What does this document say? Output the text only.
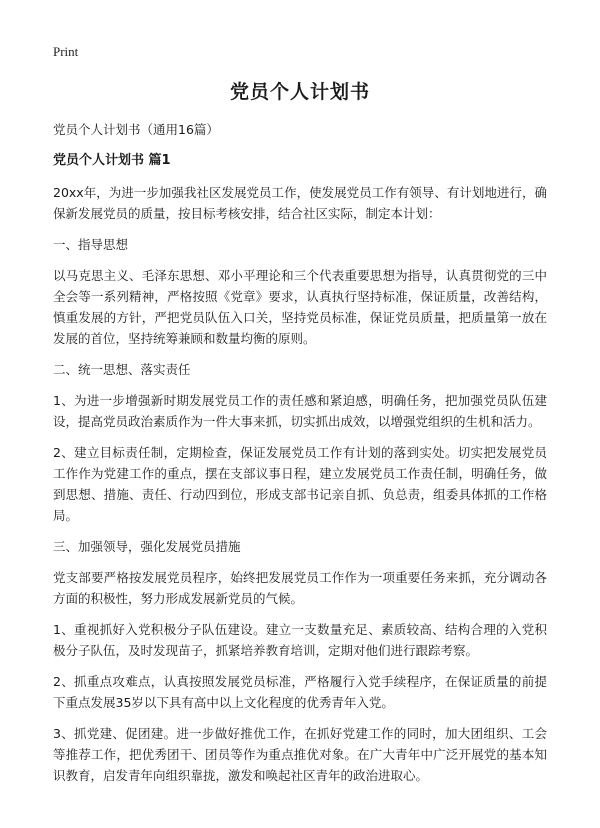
Print
党员个人计划书

党员个人计划书（通用16篇）

党员个人计划书 篇1

20xx年，为进一步加强我社区发展党员工作，使发展党员工作有领导、有计划地进行，确保新发展党员的质量，按目标考核安排，结合社区实际，制定本计划：

一、指导思想

以马克思主义、毛泽东思想、邓小平理论和三个代表重要思想为指导，认真贯彻党的三中全会等一系列精神，严格按照《党章》要求，认真执行坚持标准，保证质量，改善结构，慎重发展的方针，严把党员队伍入口关，坚持党员标准，保证党员质量，把质量第一放在发展的首位，坚持统筹兼顾和数量均衡的原则。

二、统一思想、落实责任

1、为进一步增强新时期发展党员工作的责任感和紧迫感，明确任务，把加强党员队伍建设，提高党员政治素质作为一件大事来抓，切实抓出成效，以增强党组织的生机和活力。

2、建立目标责任制，定期检查，保证发展党员工作有计划的落到实处。切实把发展党员工作作为党建工作的重点，摆在支部议事日程，建立发展党员工作责任制，明确任务，做到思想、措施、责任、行动四到位，形成支部书记亲自抓、负总责，组委具体抓的工作格局。

三、加强领导，强化发展党员措施

党支部要严格按发展党员程序，始终把发展党员工作作为一项重要任务来抓，充分调动各方面的积极性，努力形成发展新党员的气候。

1、重视抓好入党积极分子队伍建设。建立一支数量充足、素质较高、结构合理的入党积极分子队伍，及时发现苗子，抓紧培养教育培训，定期对他们进行跟踪考察。

2、抓重点攻难点，认真按照发展党员标准，严格履行入党手续程序，在保证质量的前提下重点发展35岁以下具有高中以上文化程度的优秀青年入党。

3、抓党建、促团建。进一步做好推优工作，在抓好党建工作的同时，加大团组织、工会等推荐工作，把优秀团干、团员等作为重点推优对象。在广大青年中广泛开展党的基本知识教育，启发青年向组织靠拢，激发和唤起社区青年的政治进取心。
